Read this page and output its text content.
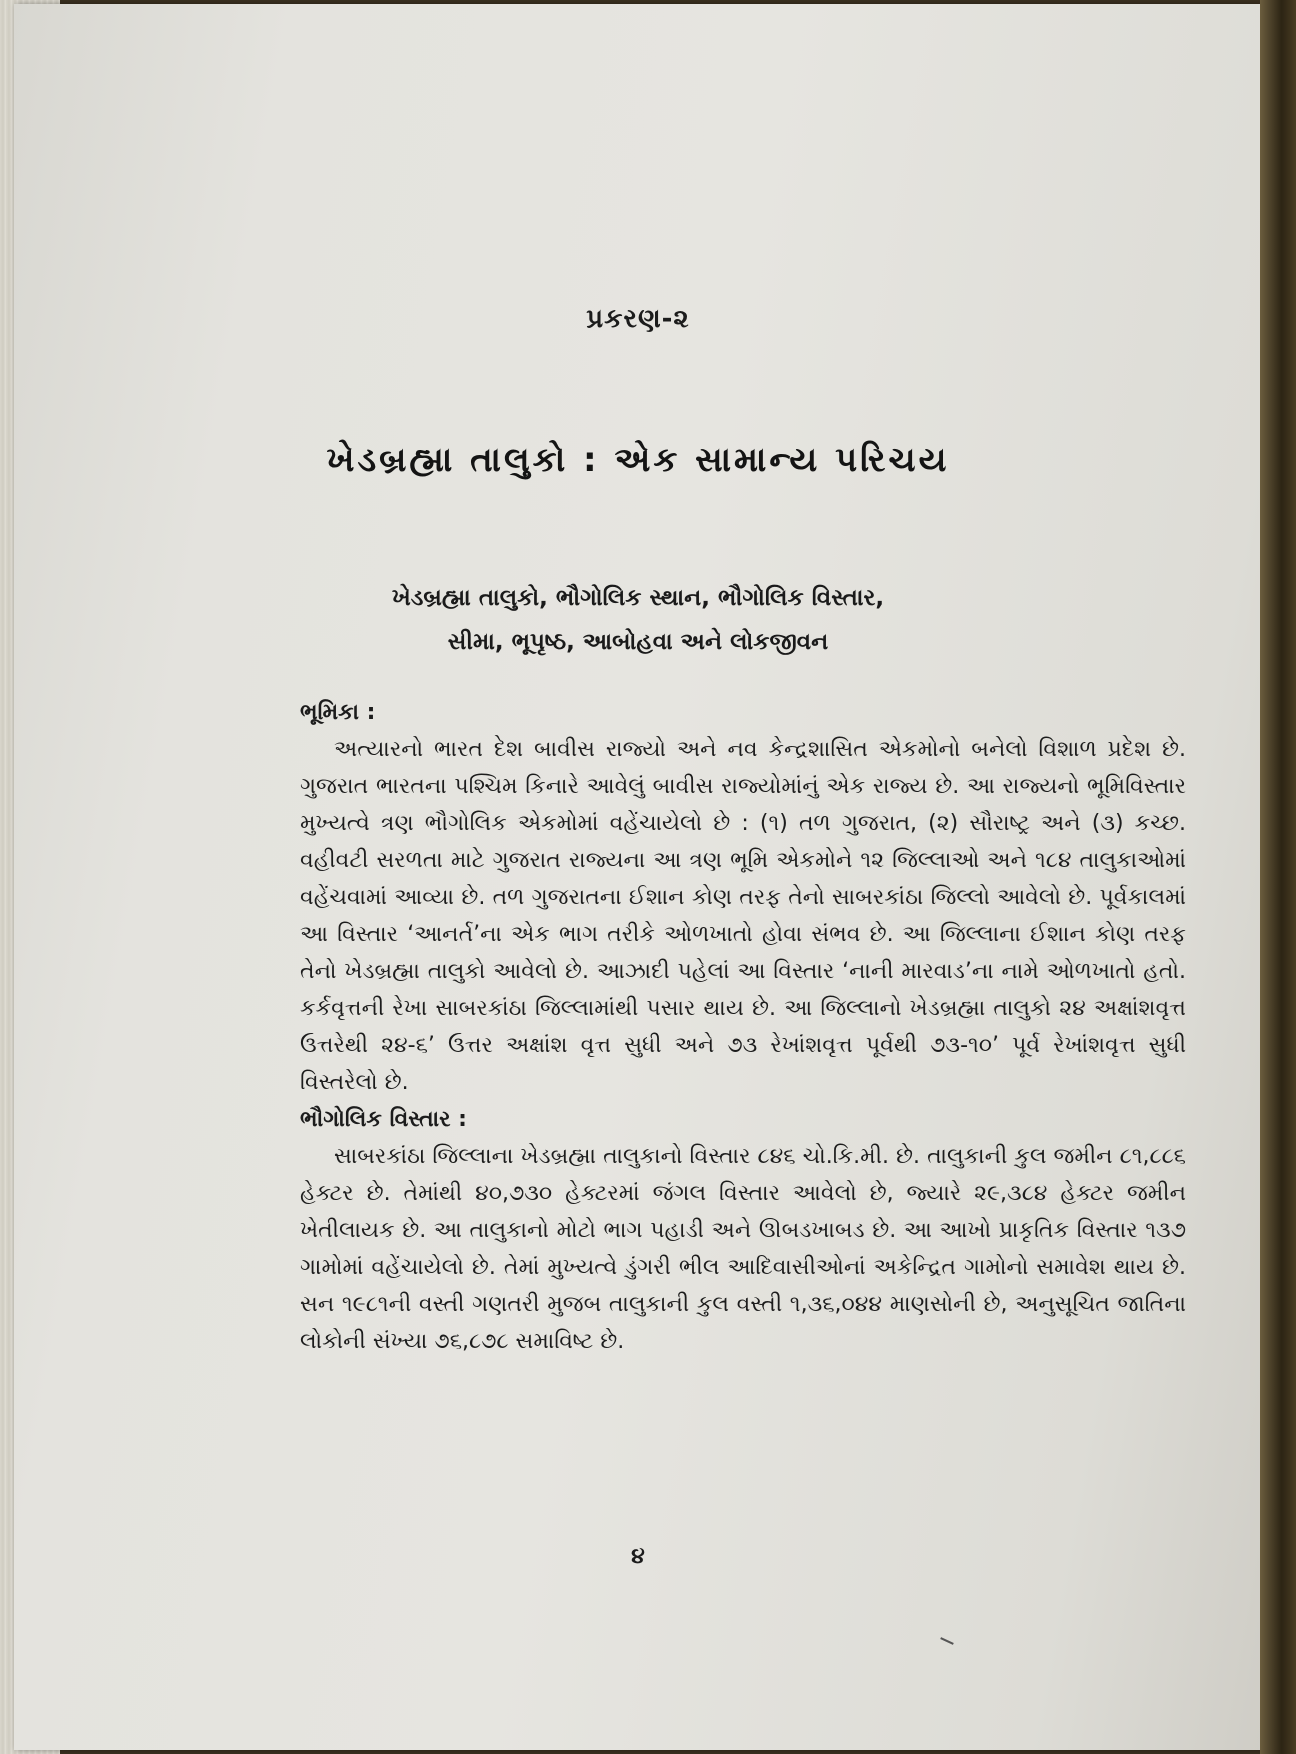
પ્રકરણ-૨
ખેડબ્રહ્મા તાલુકો : એક સામાન્ય પરિચય
ખેડબ્રહ્મા તાલુકો, ભૌગોલિક સ્થાન, ભૌગોલિક વિસ્તાર,
સીમા, ભૂપૃષ્ઠ, આબોહવા અને લોકજીવન

ભૂમિકા :

અત્યારનો ભારત દેશ બાવીસ રાજ્યો અને નવ કેન્દ્રશાસિત એકમોનો બનેલો વિશાળ પ્રદેશ છે. ગુજરાત ભારતના પશ્ચિમ કિનારે આવેલું બાવીસ રાજ્યોમાંનું એક રાજ્ય છે. આ રાજ્યનો ભૂમિવિસ્તાર મુખ્યત્વે ત્રણ ભૌગોલિક એકમોમાં વહેંચાયેલો છે : (૧) તળ ગુજરાત, (૨) સૌરાષ્ટ્ર અને (૩) કચ્છ. વહીવટી સરળતા માટે ગુજરાત રાજ્યના આ ત્રણ ભૂમિ એકમોને ૧૨ જિલ્લાઓ અને ૧૮૪ તાલુકાઓમાં વહેંચવામાં આવ્યા છે. તળ ગુજરાતના ઈશાન કોણ તરફ તેનો સાબરકાંઠા જિલ્લો આવેલો છે. પૂર્વકાલમાં આ વિસ્તાર ‘આનર્ત’ના એક ભાગ તરીકે ઓળખાતો હોવા સંભવ છે. આ જિલ્લાના ઈશાન કોણ તરફ તેનો ખેડબ્રહ્મા તાલુકો આવેલો છે. આઝાદી પહેલાં આ વિસ્તાર ‘નાની મારવાડ’ના નામે ઓળખાતો હતો. કર્કવૃત્તની રેખા સાબરકાંઠા જિલ્લામાંથી પસાર થાય છે. આ જિલ્લાનો ખેડબ્રહ્મા તાલુકો ૨૪ અક્ષાંશવૃત્ત ઉત્તરેથી ૨૪-૬’ ઉત્તર અક્ષાંશ વૃત્ત સુધી અને ૭૩ રેખાંશવૃત્ત પૂર્વથી ૭૩-૧૦’ પૂર્વ રેખાંશવૃત્ત સુધી વિસ્તરેલો છે.

ભૌગોલિક વિસ્તાર :

સાબરકાંઠા જિલ્લાના ખેડબ્રહ્મા તાલુકાનો વિસ્તાર ૮૪૬ ચો.કિ.મી. છે. તાલુકાની કુલ જમીન ૮૧,૮૮૬ હેક્ટર છે. તેમાંથી ૪૦,૭૩૦ હેક્ટરમાં જંગલ વિસ્તાર આવેલો છે, જ્યારે ૨૯,૩૮૪ હેક્ટર જમીન ખેતીલાયક છે. આ તાલુકાનો મોટો ભાગ પહાડી અને ઊબડખાબડ છે. આ આખો પ્રાકૃતિક વિસ્તાર ૧૩૭ ગામોમાં વહેંચાયેલો છે. તેમાં મુખ્યત્વે ડુંગરી ભીલ આદિવાસીઓનાં અકેન્દ્રિત ગામોનો સમાવેશ થાય છે. સન ૧૯૮૧ની વસ્તી ગણતરી મુજબ તાલુકાની કુલ વસ્તી ૧,૩૬,૦૪૪ માણસોની છે, અનુસૂચિત જાતિના લોકોની સંખ્યા ૭૬,૮૭૮ સમાવિષ્ટ છે.

૪
